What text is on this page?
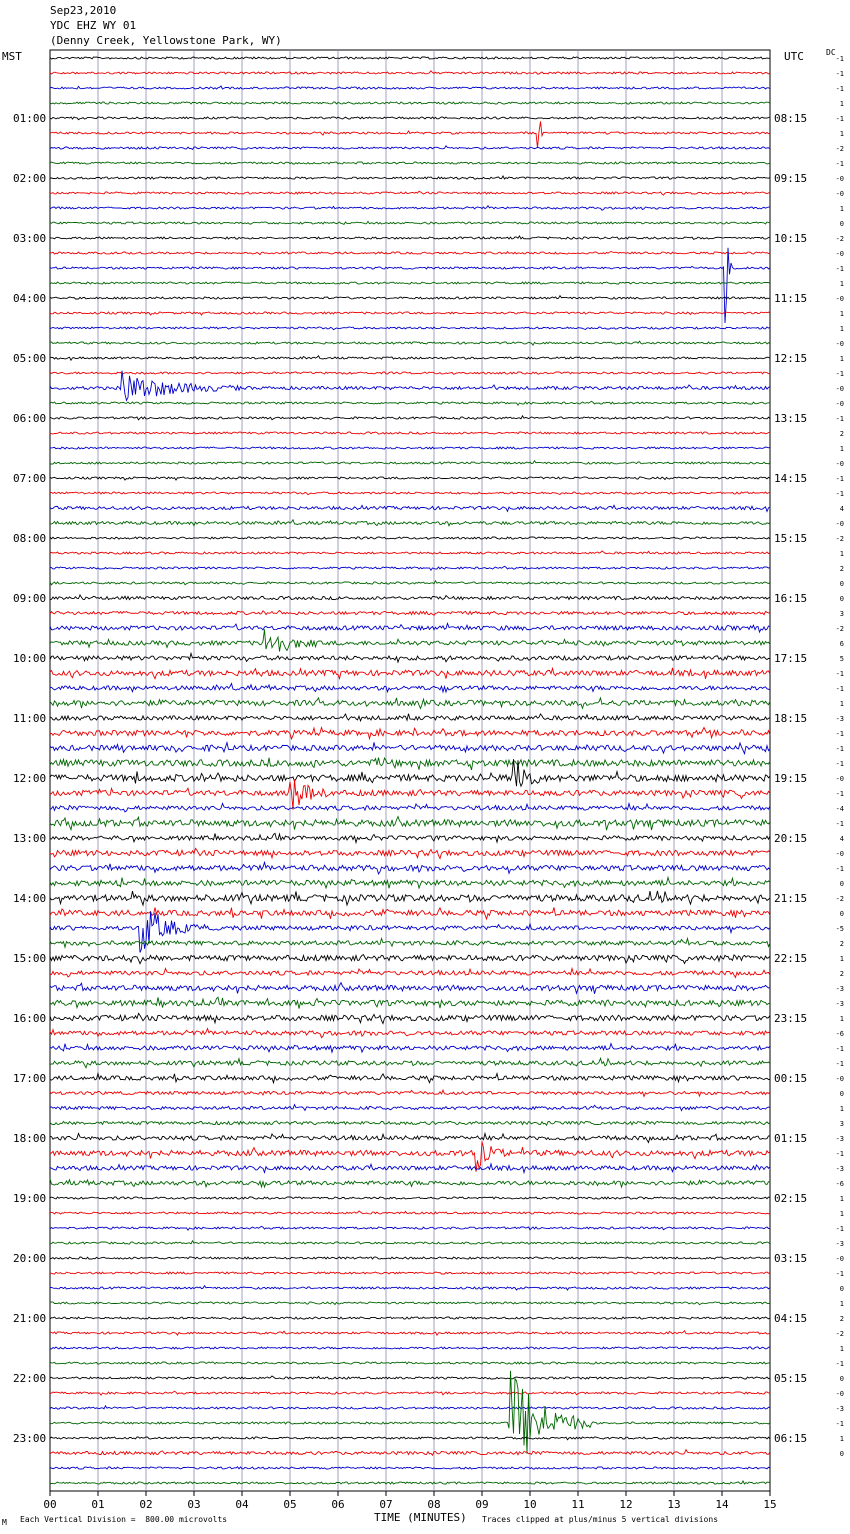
01:00
02:00
03:00
04:00
05:00
06:00
07:00
08:00
09:00
10:00
11:00
12:00
13:00
14:00
15:00
16:00
17:00
18:00
19:00
20:00
21:00
22:00
23:00
08:15
09:15
10:15
11:15
12:15
13:15
14:15
15:15
16:15
17:15
18:15
19:15
20:15
21:15
22:15
23:15
00:15
01:15
02:15
03:15
04:15
05:15
06:15
-1
-1
-1
1
-1
1
-2
-1
-0
-0
1
0
-2
-0
-1
1
-0
1
1
-0
1
-1
-0
-0
-1
2
1
-0
-1
-1
4
-0
-2
1
2
0
0
3
-2
6
5
-1
-1
1
-3
-1
-1
-1
-0
-1
-4
-1
4
-0
-1
0
-2
0
-5
2
1
2
-3
-3
1
-6
-1
-1
-0
0
1
3
-3
-1
-3
-6
1
1
-1
-3
-0
-1
0
1
2
-2
1
-1
0
-0
-3
-1
1
0
00	01	02	03	04	05	06	07	08	09	10	11	12	13	14	15
Sep23,2010
YDC EHZ WY 01
(Denny Creek, Yellowstone Park, WY)
MST	UTC	DC
M Each Vertical Division =  800.00 microvolts	TIME (MINUTES) Traces clipped at plus/minus 5 vertical divisions
